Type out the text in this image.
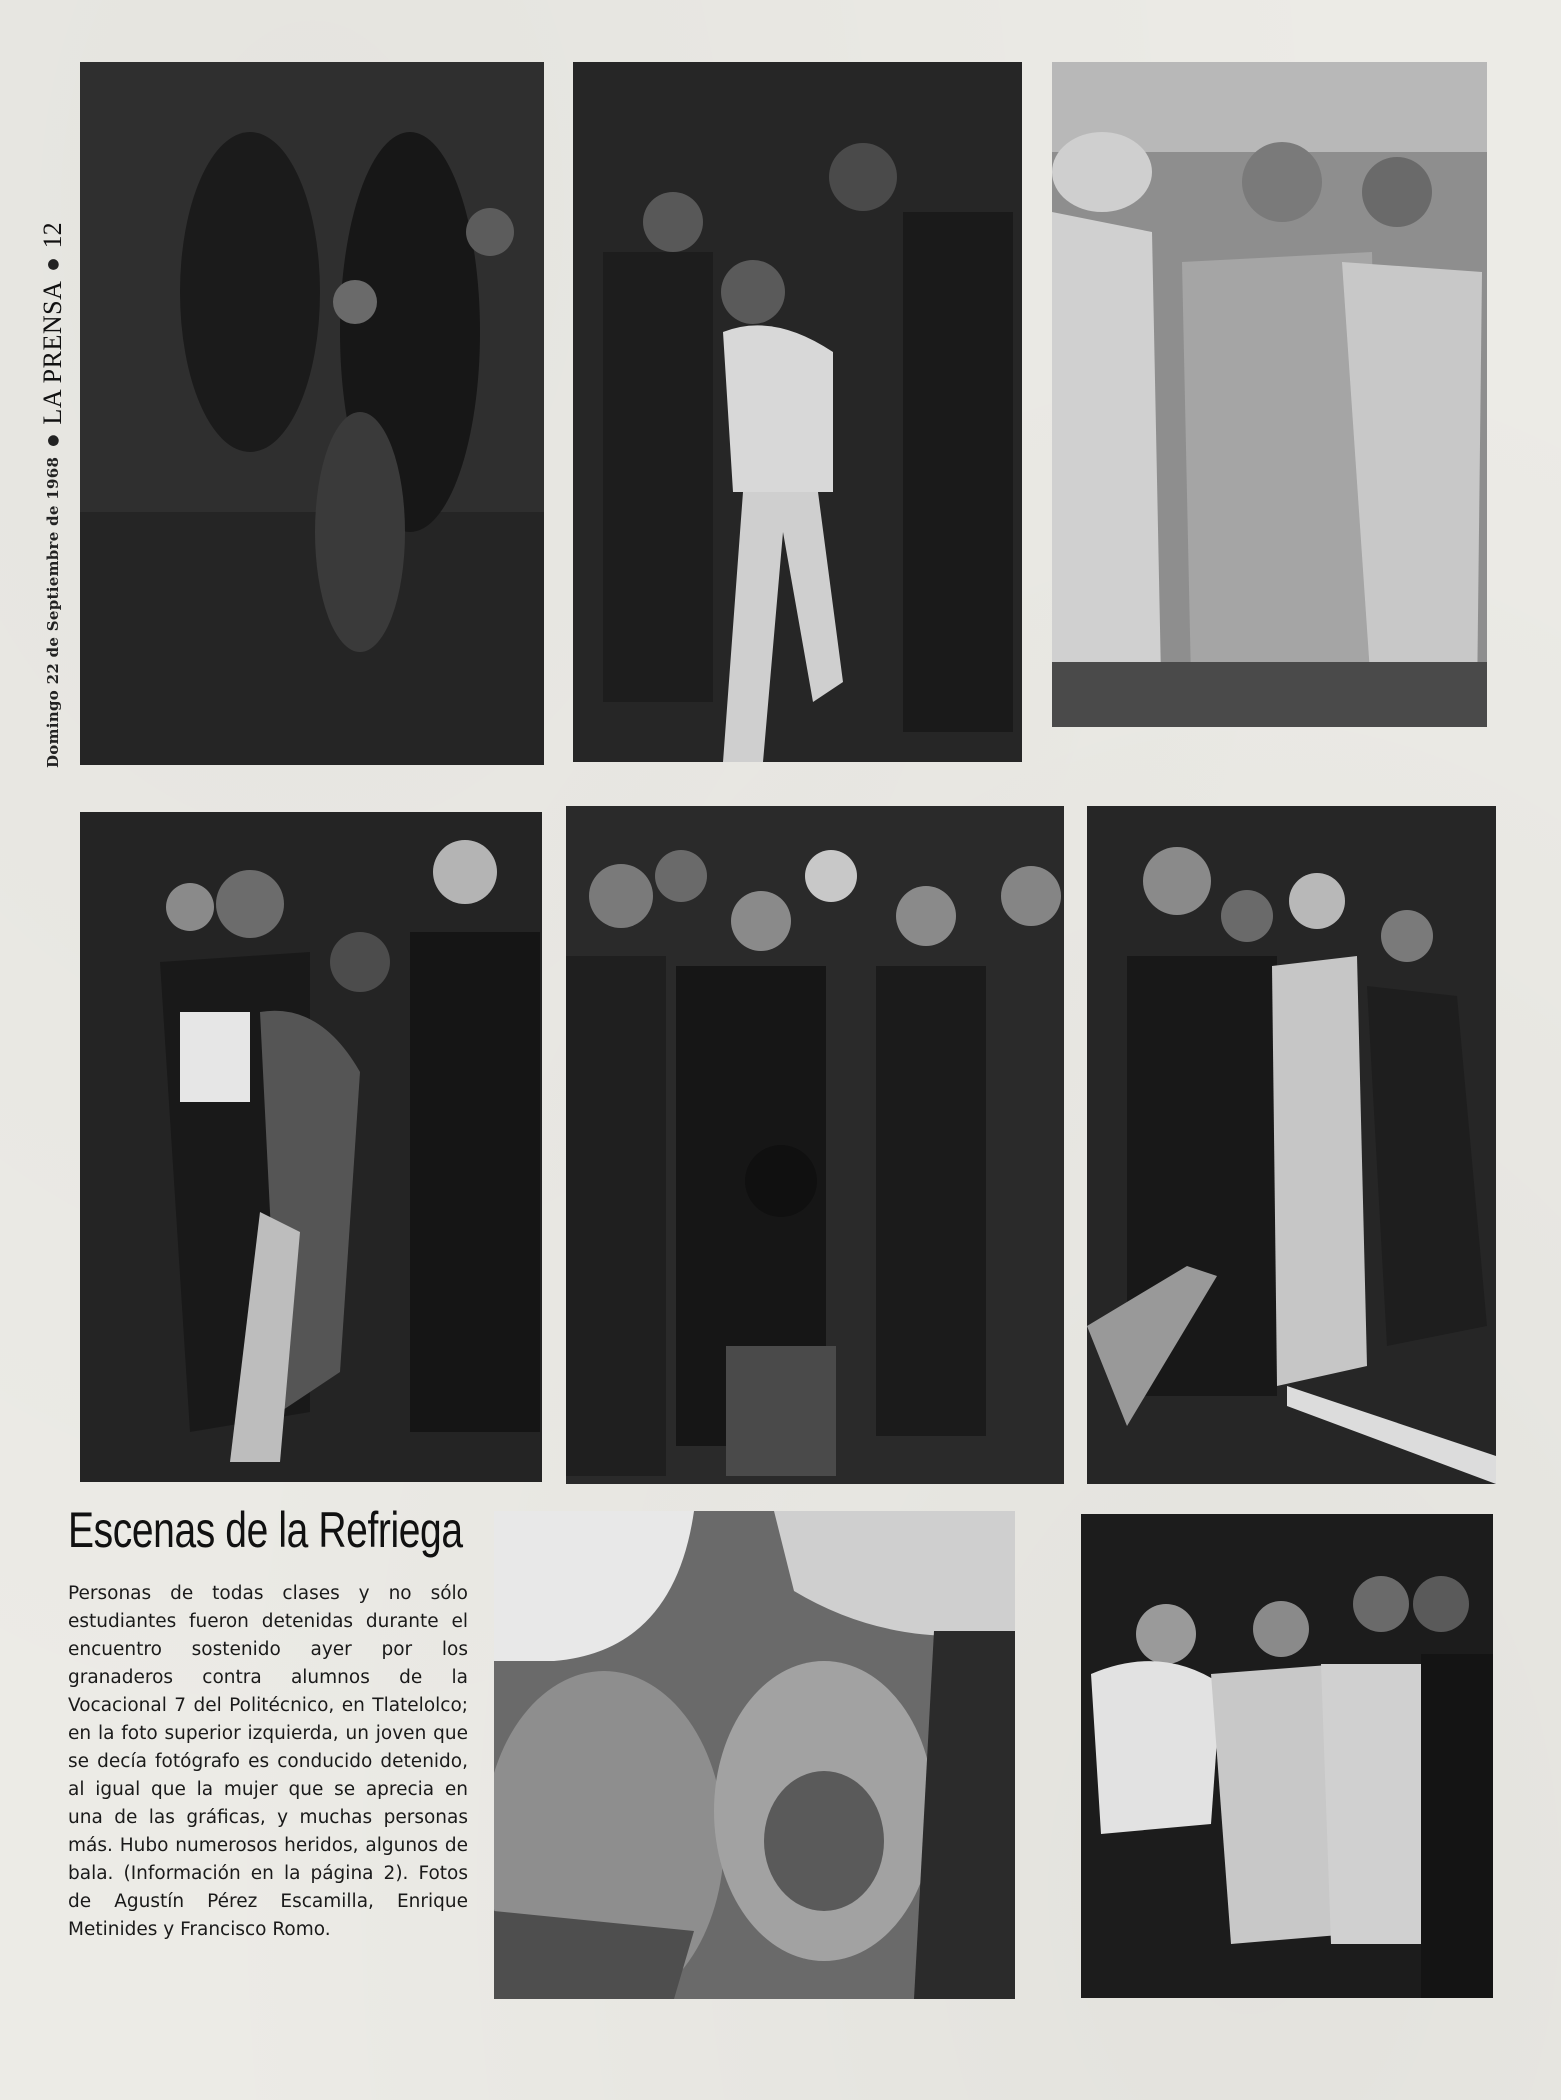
Domingo 22 de Septiembre de 1968
●
LA PRENSA
●
12
Escenas de la Refriega
Personas de todas clases y no sólo estudiantes fueron detenidas durante el encuentro sostenido ayer por los granaderos contra alumnos de la Vocacional 7 del Politécnico, en Tlatelolco; en la foto superior izquierda, un joven que se decía fotógrafo es conducido detenido, al igual que la mujer que se aprecia en una de las gráficas, y muchas personas más. Hubo numerosos heridos, algunos de bala. (Información en la página 2). Fotos de Agustín Pérez Escamilla, Enrique Metinides y Francisco Romo.
